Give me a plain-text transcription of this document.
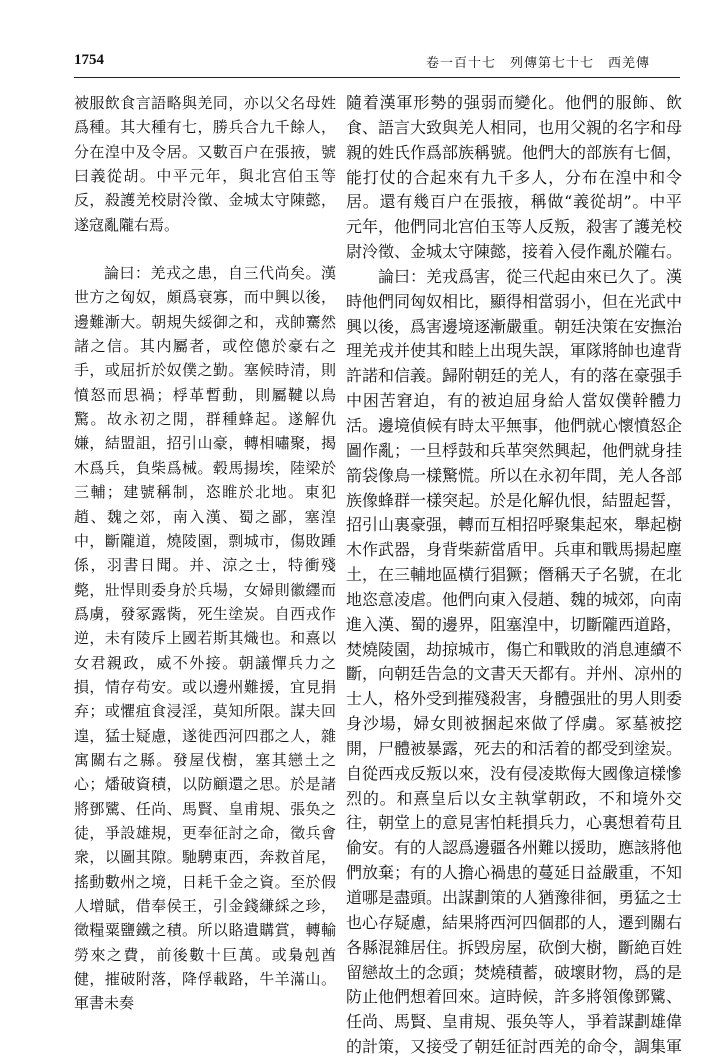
1754	卷一百十七　列傳第七十七　西羌傳

被服飲食言語略與羌同，亦以父名母姓爲種。其大種有七，勝兵合九千餘人，分在湟中及令居。又數百户在張掖，號曰義從胡。中平元年，與北宫伯玉等反，殺護羌校尉泠徵、金城太守陳懿，遂寇亂隴右焉。

論曰：羌戎之患，自三代尚矣。漢世方之匈奴，頗爲衰寡，而中興以後，邊難漸大。朝規失綏御之和，戎帥騫然諸之信。其内屬者，或倥傯於豪右之手，或屈折於奴僕之勤。塞候時清，則憤怒而思禍；桴革暫動，則屬鞬以鳥驚。故永初之閒，群種蜂起。遂解仇嫌，結盟詛，招引山豪，轉相嘯聚，揭木爲兵，負柴爲械。毂馬揚埃，陸梁於三輔；建號稱制，恣睢於北地。東犯趙、魏之郊，南入漢、蜀之鄙，塞湟中，斷隴道，燒陵園，剽城市，傷敗踵係，羽書日聞。并、涼之士，特衝殘斃，壯悍則委身於兵場，女婦則徽纆而爲虜，發冢露胔，死生塗炭。自西戎作逆，未有陵斥上國若斯其熾也。和熹以女君親政，威不外接。朝議憚兵力之損，情存苟安。或以邊州難援，宜見捐弃；或懼疽食浸淫，莫知所限。謀夫回遑，猛士疑慮，遂徙西河四郡之人，雜寓關右之縣。發屋伐樹，塞其戀土之心；燔破資積，以防顧還之思。於是諸將鄧騭、任尚、馬賢、皇甫規、張奂之徒，爭設雄規，更奉征討之命，徵兵會衆，以圖其隙。馳騁東西，奔救首尾，搖動數州之境，日耗千金之資。至於假人增賦，借奉侯王，引金錢縑綵之珍，徵糧粟鹽鐵之積。所以賂遺購賞，轉輸勞來之費，前後數十巨萬。或梟剋酋健，摧破附落，降俘載路，牛羊滿山。軍書未奏

隨着漢軍形勢的强弱而變化。他們的服飾、飲食、語言大致與羌人相同，也用父親的名字和母親的姓氏作爲部族稱號。他們大的部族有七個，能打仗的合起來有九千多人，分布在湟中和令居。還有幾百户在張掖，稱做“義從胡”。中平元年，他們同北宫伯玉等人反叛，殺害了護羌校尉泠徵、金城太守陳懿，接着入侵作亂於隴右。

論曰：羌戎爲害，從三代起由來已久了。漢時他們同匈奴相比，顯得相當弱小，但在光武中興以後，爲害邊境逐漸嚴重。朝廷決策在安撫治理羌戎并使其和睦上出現失誤，軍隊將帥也違背許諾和信義。歸附朝廷的羌人，有的落在豪强手中困苦窘迫，有的被迫屈身給人當奴僕幹體力活。邊境偵候有時太平無事，他們就心懷憤怒企圖作亂；一旦桴鼓和兵革突然興起，他們就身挂箭袋像鳥一樣驚慌。所以在永初年間，羌人各部族像蜂群一樣突起。於是化解仇恨，結盟起誓，招引山裏豪强，轉而互相招呼聚集起來，舉起樹木作武器，身背柴薪當盾甲。兵車和戰馬揚起塵土，在三輔地區横行猖獗；僭稱天子名號，在北地恣意凌虐。他們向東入侵趙、魏的城郊，向南進入漢、蜀的邊界，阻塞湟中，切斷隴西道路，焚燒陵園，劫掠城市，傷亡和戰敗的消息連續不斷，向朝廷告急的文書天天都有。并州、凉州的士人，格外受到摧殘殺害，身體强壯的男人則委身沙場，婦女則被捆起來做了俘虜。冢墓被挖開，尸體被暴露，死去的和活着的都受到塗炭。自從西戎反叛以來，没有侵凌欺侮大國像這樣慘烈的。和熹皇后以女主執掌朝政，不和境外交往，朝堂上的意見害怕耗損兵力，心裏想着苟且偷安。有的人認爲邊疆各州難以援助，應該將他們放棄；有的人擔心禍患的蔓延日益嚴重，不知道哪是盡頭。出謀劃策的人猶豫徘徊，勇猛之士也心存疑慮，結果將西河四個郡的人，遷到關右各縣混雜居住。拆毁房屋，砍倒大樹，斷絶百姓留戀故土的念頭；焚燒積蓄，破壞財物，爲的是防止他們想着回來。這時候，許多將領像鄧騭、任尚、馬賢、皇甫規、張奂等人，爭着謀劃雄偉的計策，又接受了朝廷征討西羌的命令，調集軍
